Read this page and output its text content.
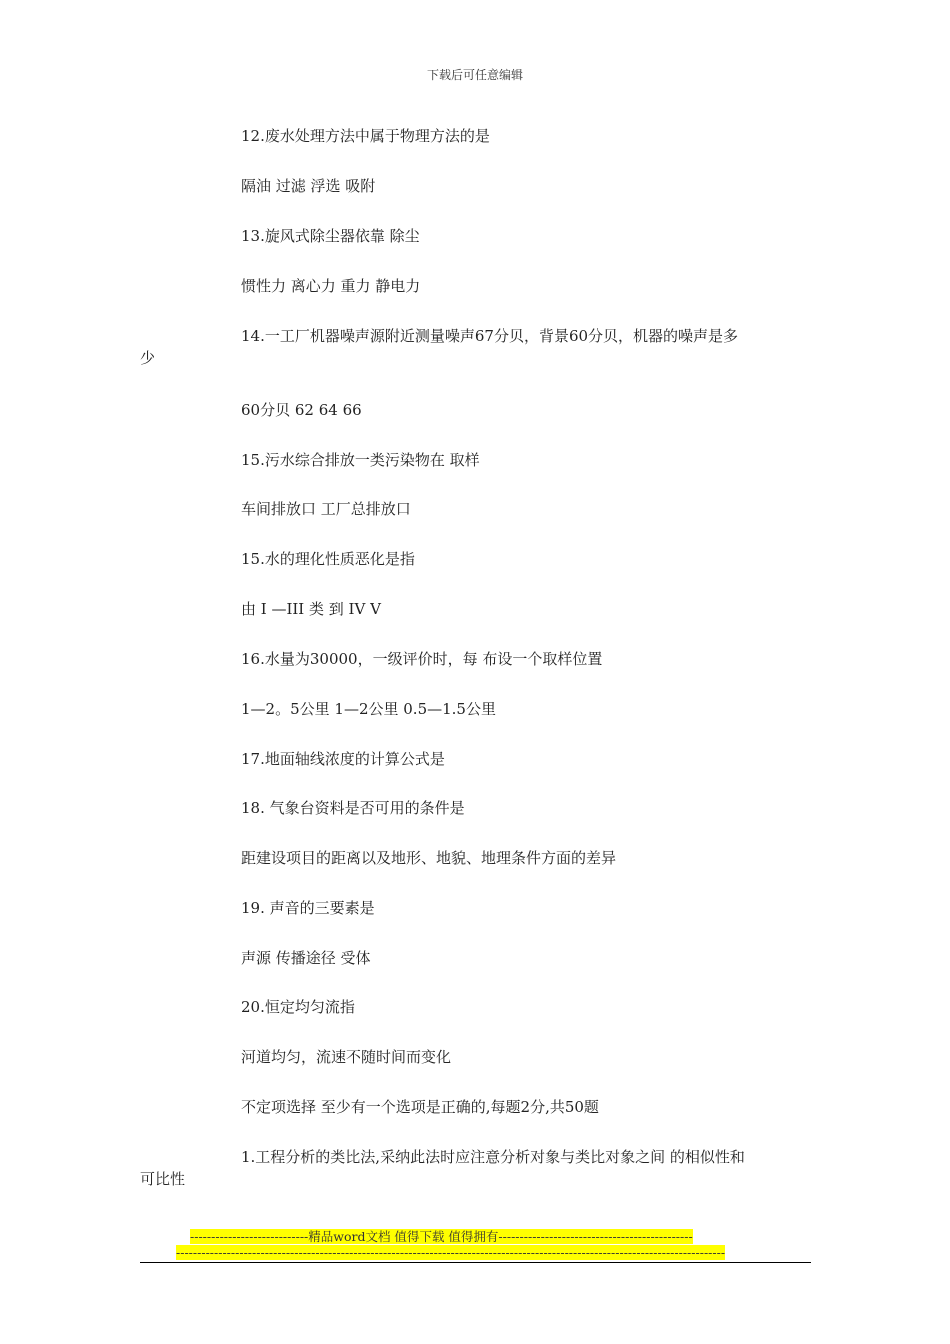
下载后可任意编辑
12.废水处理方法中属于物理方法的是
隔油 过滤 浮选 吸附
13.旋风式除尘器依靠 除尘
惯性力 离心力 重力 静电力
14.一工厂机器噪声源附近测量噪声67分贝，背景60分贝，机器的噪声是多
少
60分贝 62 64 66
15.污水综合排放一类污染物在 取样
车间排放口 工厂总排放口
15.水的理化性质恶化是指
由 I —III 类 到 IV V
16.水量为30000，一级评价时，每 布设一个取样位置
1—2。5公里 1—2公里 0.5—1.5公里
17.地面轴线浓度的计算公式是
18. 气象台资料是否可用的条件是
距建设项目的距离以及地形、地貌、地理条件方面的差异
19. 声音的三要素是
声源 传播途径 受体
20.恒定均匀流指
河道均匀，流速不随时间而变化
不定项选择 至少有一个选项是正确的,每题2分,共50题
1.工程分析的类比法,采纳此法时应注意分析对象与类比对象之间 的相似性和
可比性
----------------------------精品word文档 值得下载 值得拥有----------------------------------------------
----------------------------------------------------------------------------------------------------------------------------------
